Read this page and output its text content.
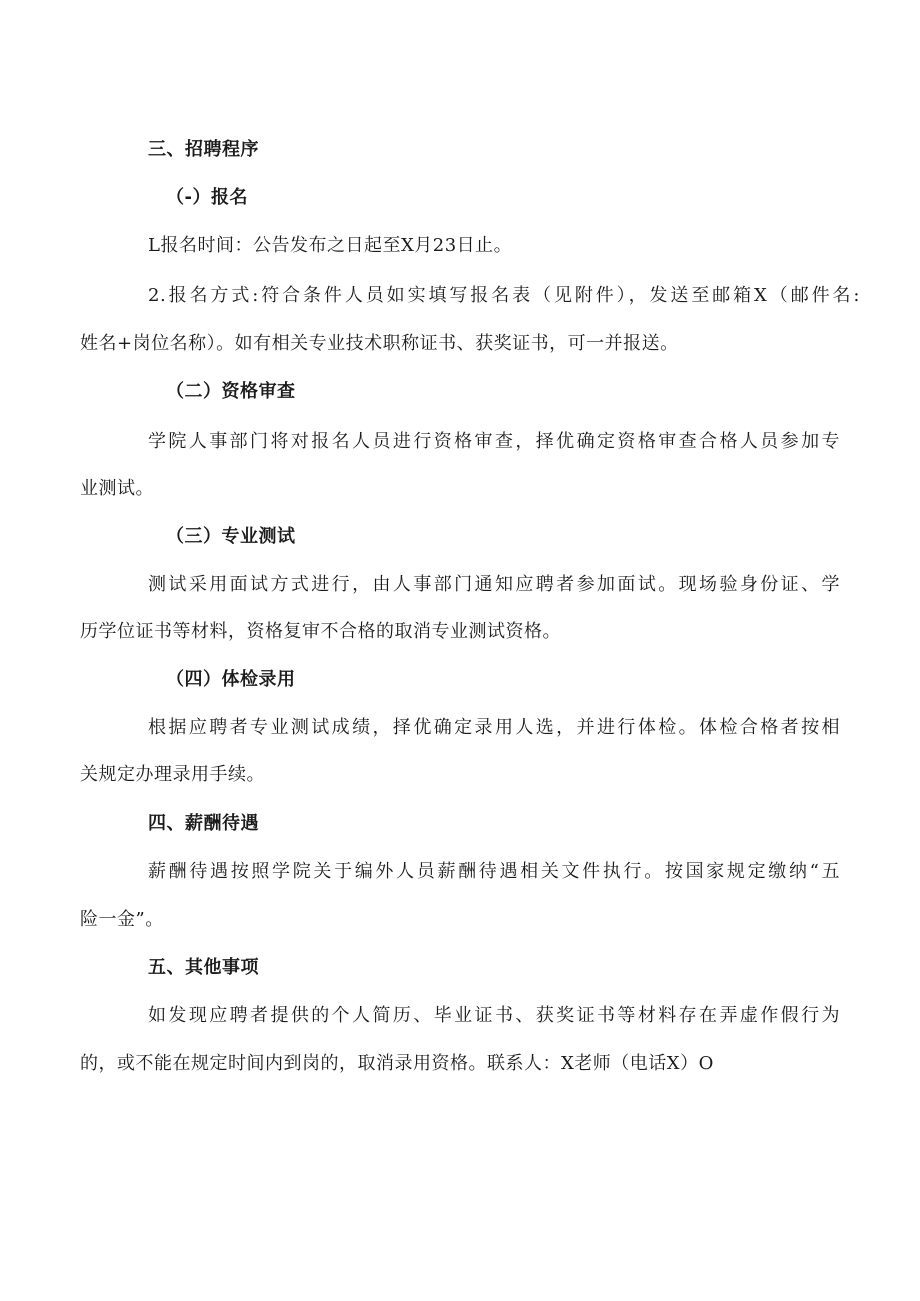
三、招聘程序
（-）报名
L报名时间：公告发布之日起至X月23日止。
2.报名方式:符合条件人员如实填写报名表（见附件），发送至邮箱X（邮件名:
姓名+岗位名称）。如有相关专业技术职称证书、获奖证书，可一并报送。
（二）资格审查
学院人事部门将对报名人员进行资格审查，择优确定资格审查合格人员参加专
业测试。
（三）专业测试
测试采用面试方式进行，由人事部门通知应聘者参加面试。现场验身份证、学
历学位证书等材料，资格复审不合格的取消专业测试资格。
（四）体检录用
根据应聘者专业测试成绩，择优确定录用人选，并进行体检。体检合格者按相
关规定办理录用手续。
四、薪酬待遇
薪酬待遇按照学院关于编外人员薪酬待遇相关文件执行。按国家规定缴纳“五
险一金”。
五、其他事项
如发现应聘者提供的个人简历、毕业证书、获奖证书等材料存在弄虚作假行为
的，或不能在规定时间内到岗的，取消录用资格。联系人：X老师（电话X）O
